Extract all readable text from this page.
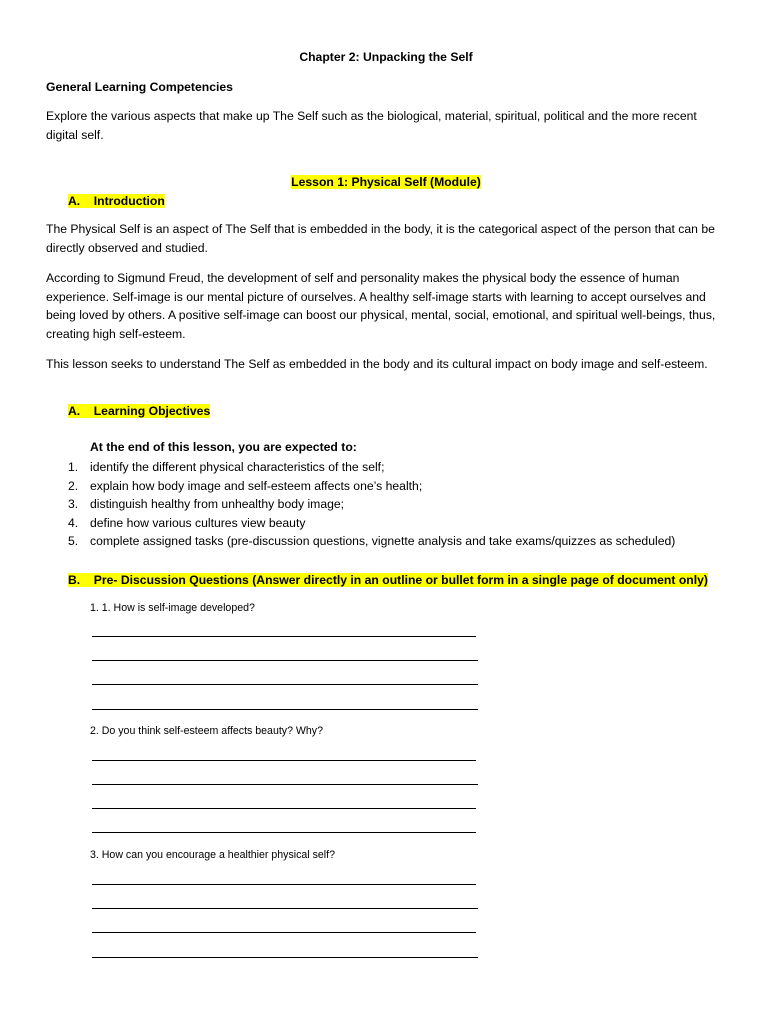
Chapter 2: Unpacking the Self
General Learning Competencies
Explore the various aspects that make up The Self such as the biological, material, spiritual, political and the more recent digital self.
Lesson 1: Physical Self (Module)
A. Introduction
The Physical Self is an aspect of The Self that is embedded in the body, it is the categorical aspect of the person that can be directly observed and studied.
According to Sigmund Freud, the development of self and personality makes the physical body the essence of human experience. Self-image is our mental picture of ourselves. A healthy self-image starts with learning to accept ourselves and being loved by others. A positive self-image can boost our physical, mental, social, emotional, and spiritual well-beings, thus, creating high self-esteem.
This lesson seeks to understand The Self as embedded in the body and its cultural impact on body image and self-esteem.
A. Learning Objectives
At the end of this lesson, you are expected to:
1. identify the different physical characteristics of the self;
2. explain how body image and self-esteem affects one’s health;
3. distinguish healthy from unhealthy body image;
4. define how various cultures view beauty
5. complete assigned tasks (pre-discussion questions, vignette analysis and take exams/quizzes as scheduled)
B. Pre- Discussion Questions (Answer directly in an outline or bullet form in a single page of document only)
1. 1. How is self-image developed?
2. Do you think self-esteem affects beauty? Why?
3. How can you encourage a healthier physical self?
